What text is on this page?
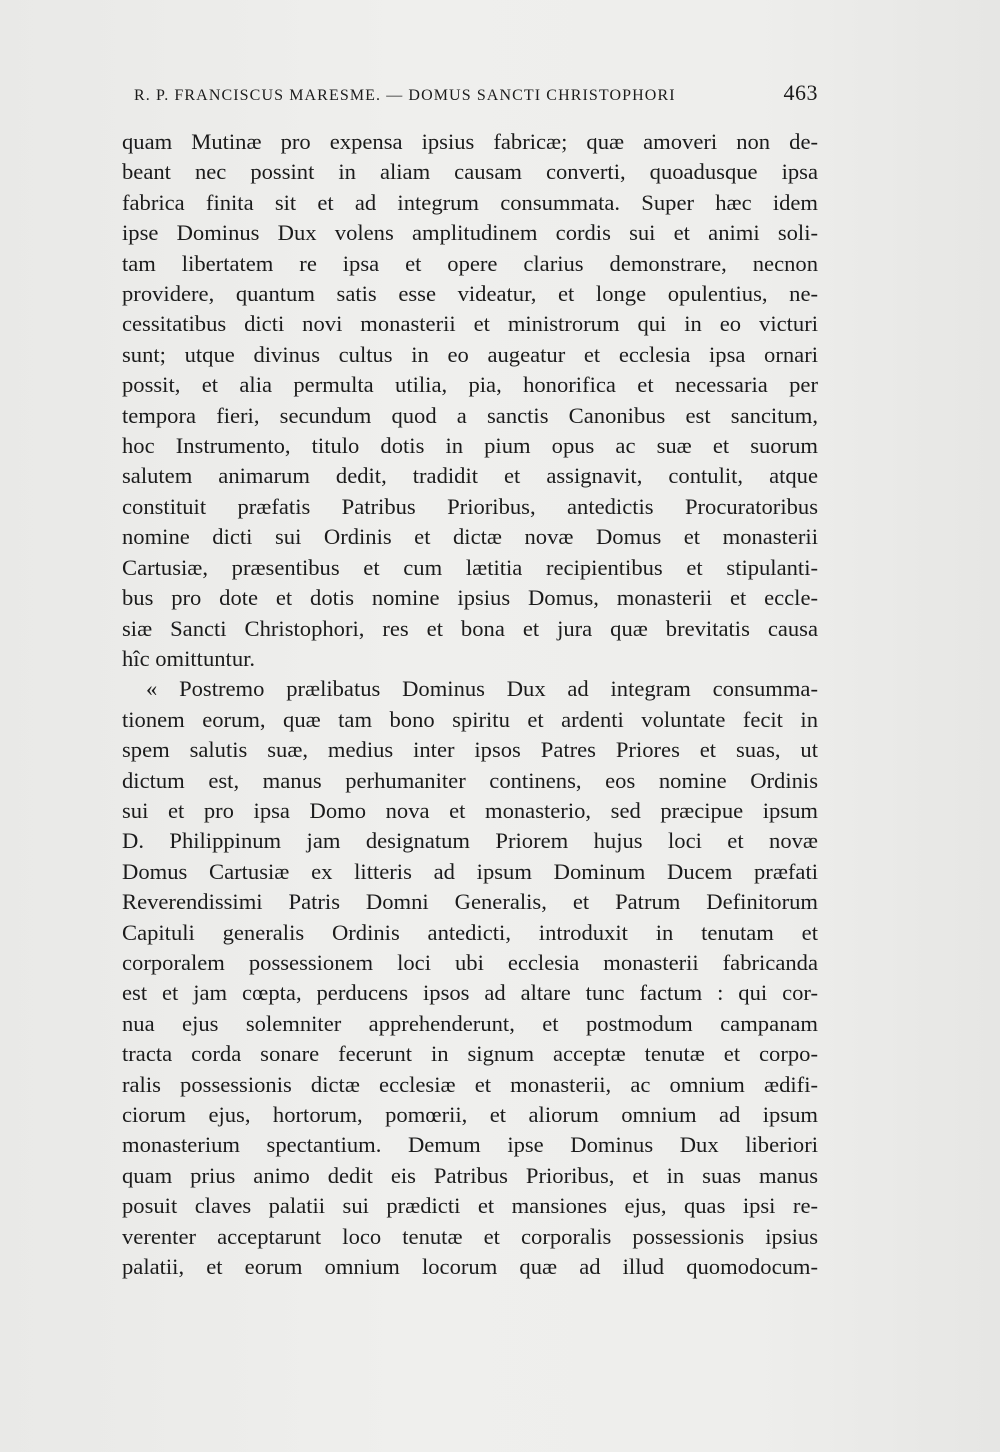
R. P. FRANCISCUS MARESME. — DOMUS SANCTI CHRISTOPHORI	463
quam Mutinæ pro expensa ipsius fabricæ; quæ amoveri non de-
beant nec possint in aliam causam converti, quoadusque ipsa
fabrica finita sit et ad integrum consummata. Super hæc idem
ipse Dominus Dux volens amplitudinem cordis sui et animi soli-
tam libertatem re ipsa et opere clarius demonstrare, necnon
providere, quantum satis esse videatur, et longe opulentius, ne-
cessitatibus dicti novi monasterii et ministrorum qui in eo victuri
sunt; utque divinus cultus in eo augeatur et ecclesia ipsa ornari
possit, et alia permulta utilia, pia, honorifica et necessaria per
tempora fieri, secundum quod a sanctis Canonibus est sancitum,
hoc Instrumento, titulo dotis in pium opus ac suæ et suorum
salutem animarum dedit, tradidit et assignavit, contulit, atque
constituit præfatis Patribus Prioribus, antedictis Procuratoribus
nomine dicti sui Ordinis et dictæ novæ Domus et monasterii
Cartusiæ, præsentibus et cum lætitia recipientibus et stipulanti-
bus pro dote et dotis nomine ipsius Domus, monasterii et eccle-
siæ Sancti Christophori, res et bona et jura quæ brevitatis causa
hîc omittuntur.
« Postremo prælibatus Dominus Dux ad integram consumma-
tionem eorum, quæ tam bono spiritu et ardenti voluntate fecit in
spem salutis suæ, medius inter ipsos Patres Priores et suas, ut
dictum est, manus perhumaniter continens, eos nomine Ordinis
sui et pro ipsa Domo nova et monasterio, sed præcipue ipsum
D. Philippinum jam designatum Priorem hujus loci et novæ
Domus Cartusiæ ex litteris ad ipsum Dominum Ducem præfati
Reverendissimi Patris Domni Generalis, et Patrum Definitorum
Capituli generalis Ordinis antedicti, introduxit in tenutam et
corporalem possessionem loci ubi ecclesia monasterii fabricanda
est et jam cœpta, perducens ipsos ad altare tunc factum : qui cor-
nua ejus solemniter apprehenderunt, et postmodum campanam
tracta corda sonare fecerunt in signum acceptæ tenutæ et corpo-
ralis possessionis dictæ ecclesiæ et monasterii, ac omnium ædifi-
ciorum ejus, hortorum, pomœrii, et aliorum omnium ad ipsum
monasterium spectantium. Demum ipse Dominus Dux liberiori
quam prius animo dedit eis Patribus Prioribus, et in suas manus
posuit claves palatii sui prædicti et mansiones ejus, quas ipsi re-
verenter acceptarunt loco tenutæ et corporalis possessionis ipsius
palatii, et eorum omnium locorum quæ ad illud quomodocum-
